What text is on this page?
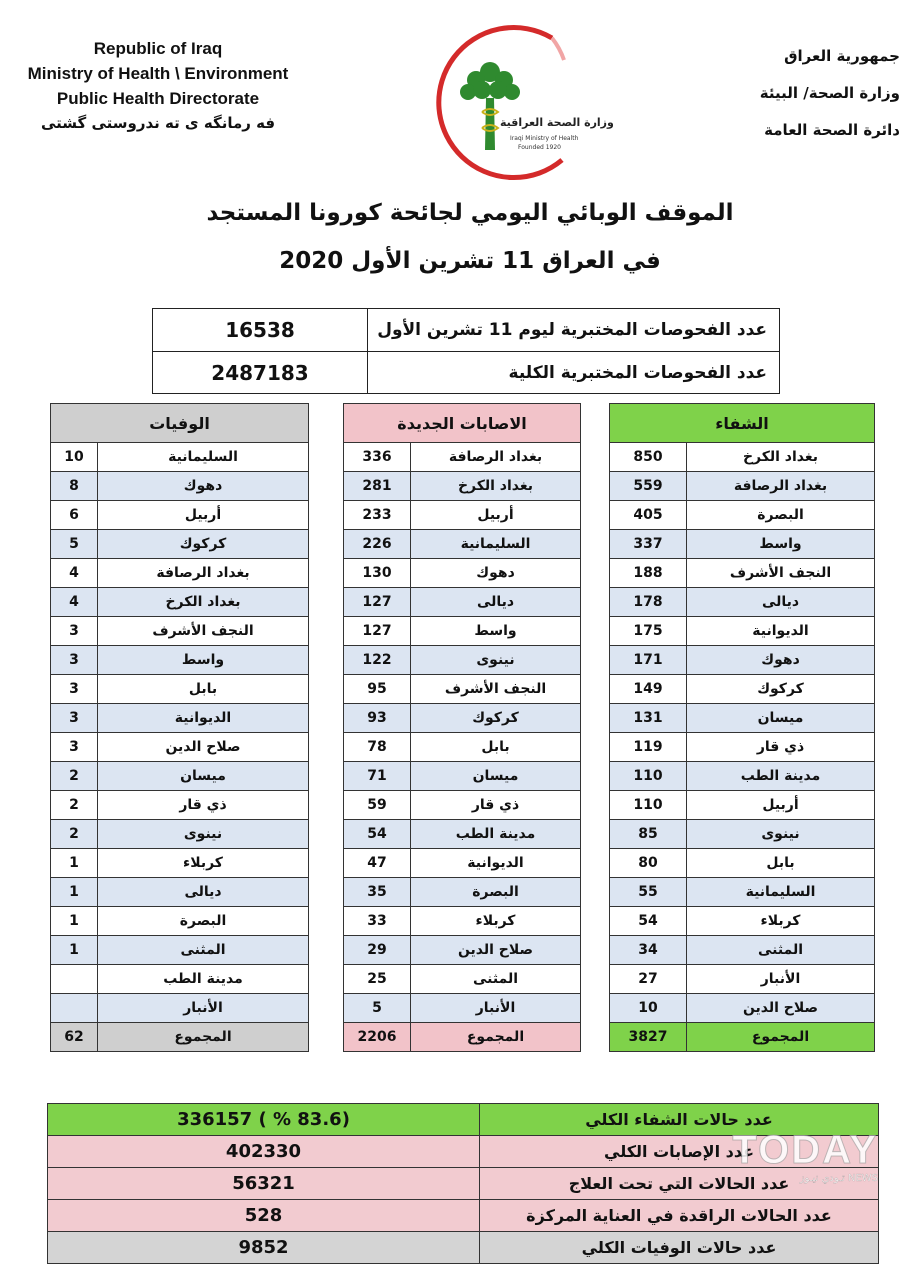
Republic of Iraq
Ministry of Health \ Environment
Public Health Directorate
فه رمانگه ی ته ندروستی گشتی	وزارة الصحة العراقية
Iraqi Ministry of Health
Founded 1920
جمهورية العراق
وزارة الصحة/ البيئة
دائرة الصحة العامة
الموقف الوبائي اليومي لجائحة كورونا المستجد
في العراق 11 تشرين الأول 2020
عدد الفحوصات المختبرية ليوم 11 تشرين الأول
16538
عدد الفحوصات المختبرية الكلية
2487183
الشفاء	
850	بغداد الكرخ
559	بغداد الرصافة
405	البصرة
337	واسط
188	النجف الأشرف
178	ديالى
175	الديوانية
171	دهوك
149	كركوك
131	ميسان
119	ذي قار
110	مدينة الطب
110	أربيل
85	نينوى
80	بابل
55	السليمانية
54	كربلاء
34	المثنى
27	الأنبار
10	صلاح الدين
3827	المجموع
الاصابات الجديدة	
336	بغداد الرصافة
281	بغداد الكرخ
233	أربيل
226	السليمانية
130	دهوك
127	ديالى
127	واسط
122	نينوى
95	النجف الأشرف
93	كركوك
78	بابل
71	ميسان
59	ذي قار
54	مدينة الطب
47	الديوانية
35	البصرة
33	كربلاء
29	صلاح الدين
25	المثنى
5	الأنبار
2206	المجموع
الوفيات	
10	السليمانية
8	دهوك
6	أربيل
5	كركوك
4	بغداد الرصافة
4	بغداد الكرخ
3	النجف الأشرف
3	واسط
3	بابل
3	الديوانية
3	صلاح الدين
2	ميسان
2	ذي قار
2	نينوى
1	كربلاء
1	ديالى
1	البصرة
1	المثنى
	مدينة الطب
	الأنبار
62	المجموع
عدد حالات الشفاء الكلي
(83.6 % ) 336157
عدد الإصابات الكلي
402330
عدد الحالات التي تحت العلاج
56321
عدد الحالات الراقدة في العناية المركزة
528
عدد حالات الوفيات الكلي
9852
TODAY
تـودي نيـوز NEWS
